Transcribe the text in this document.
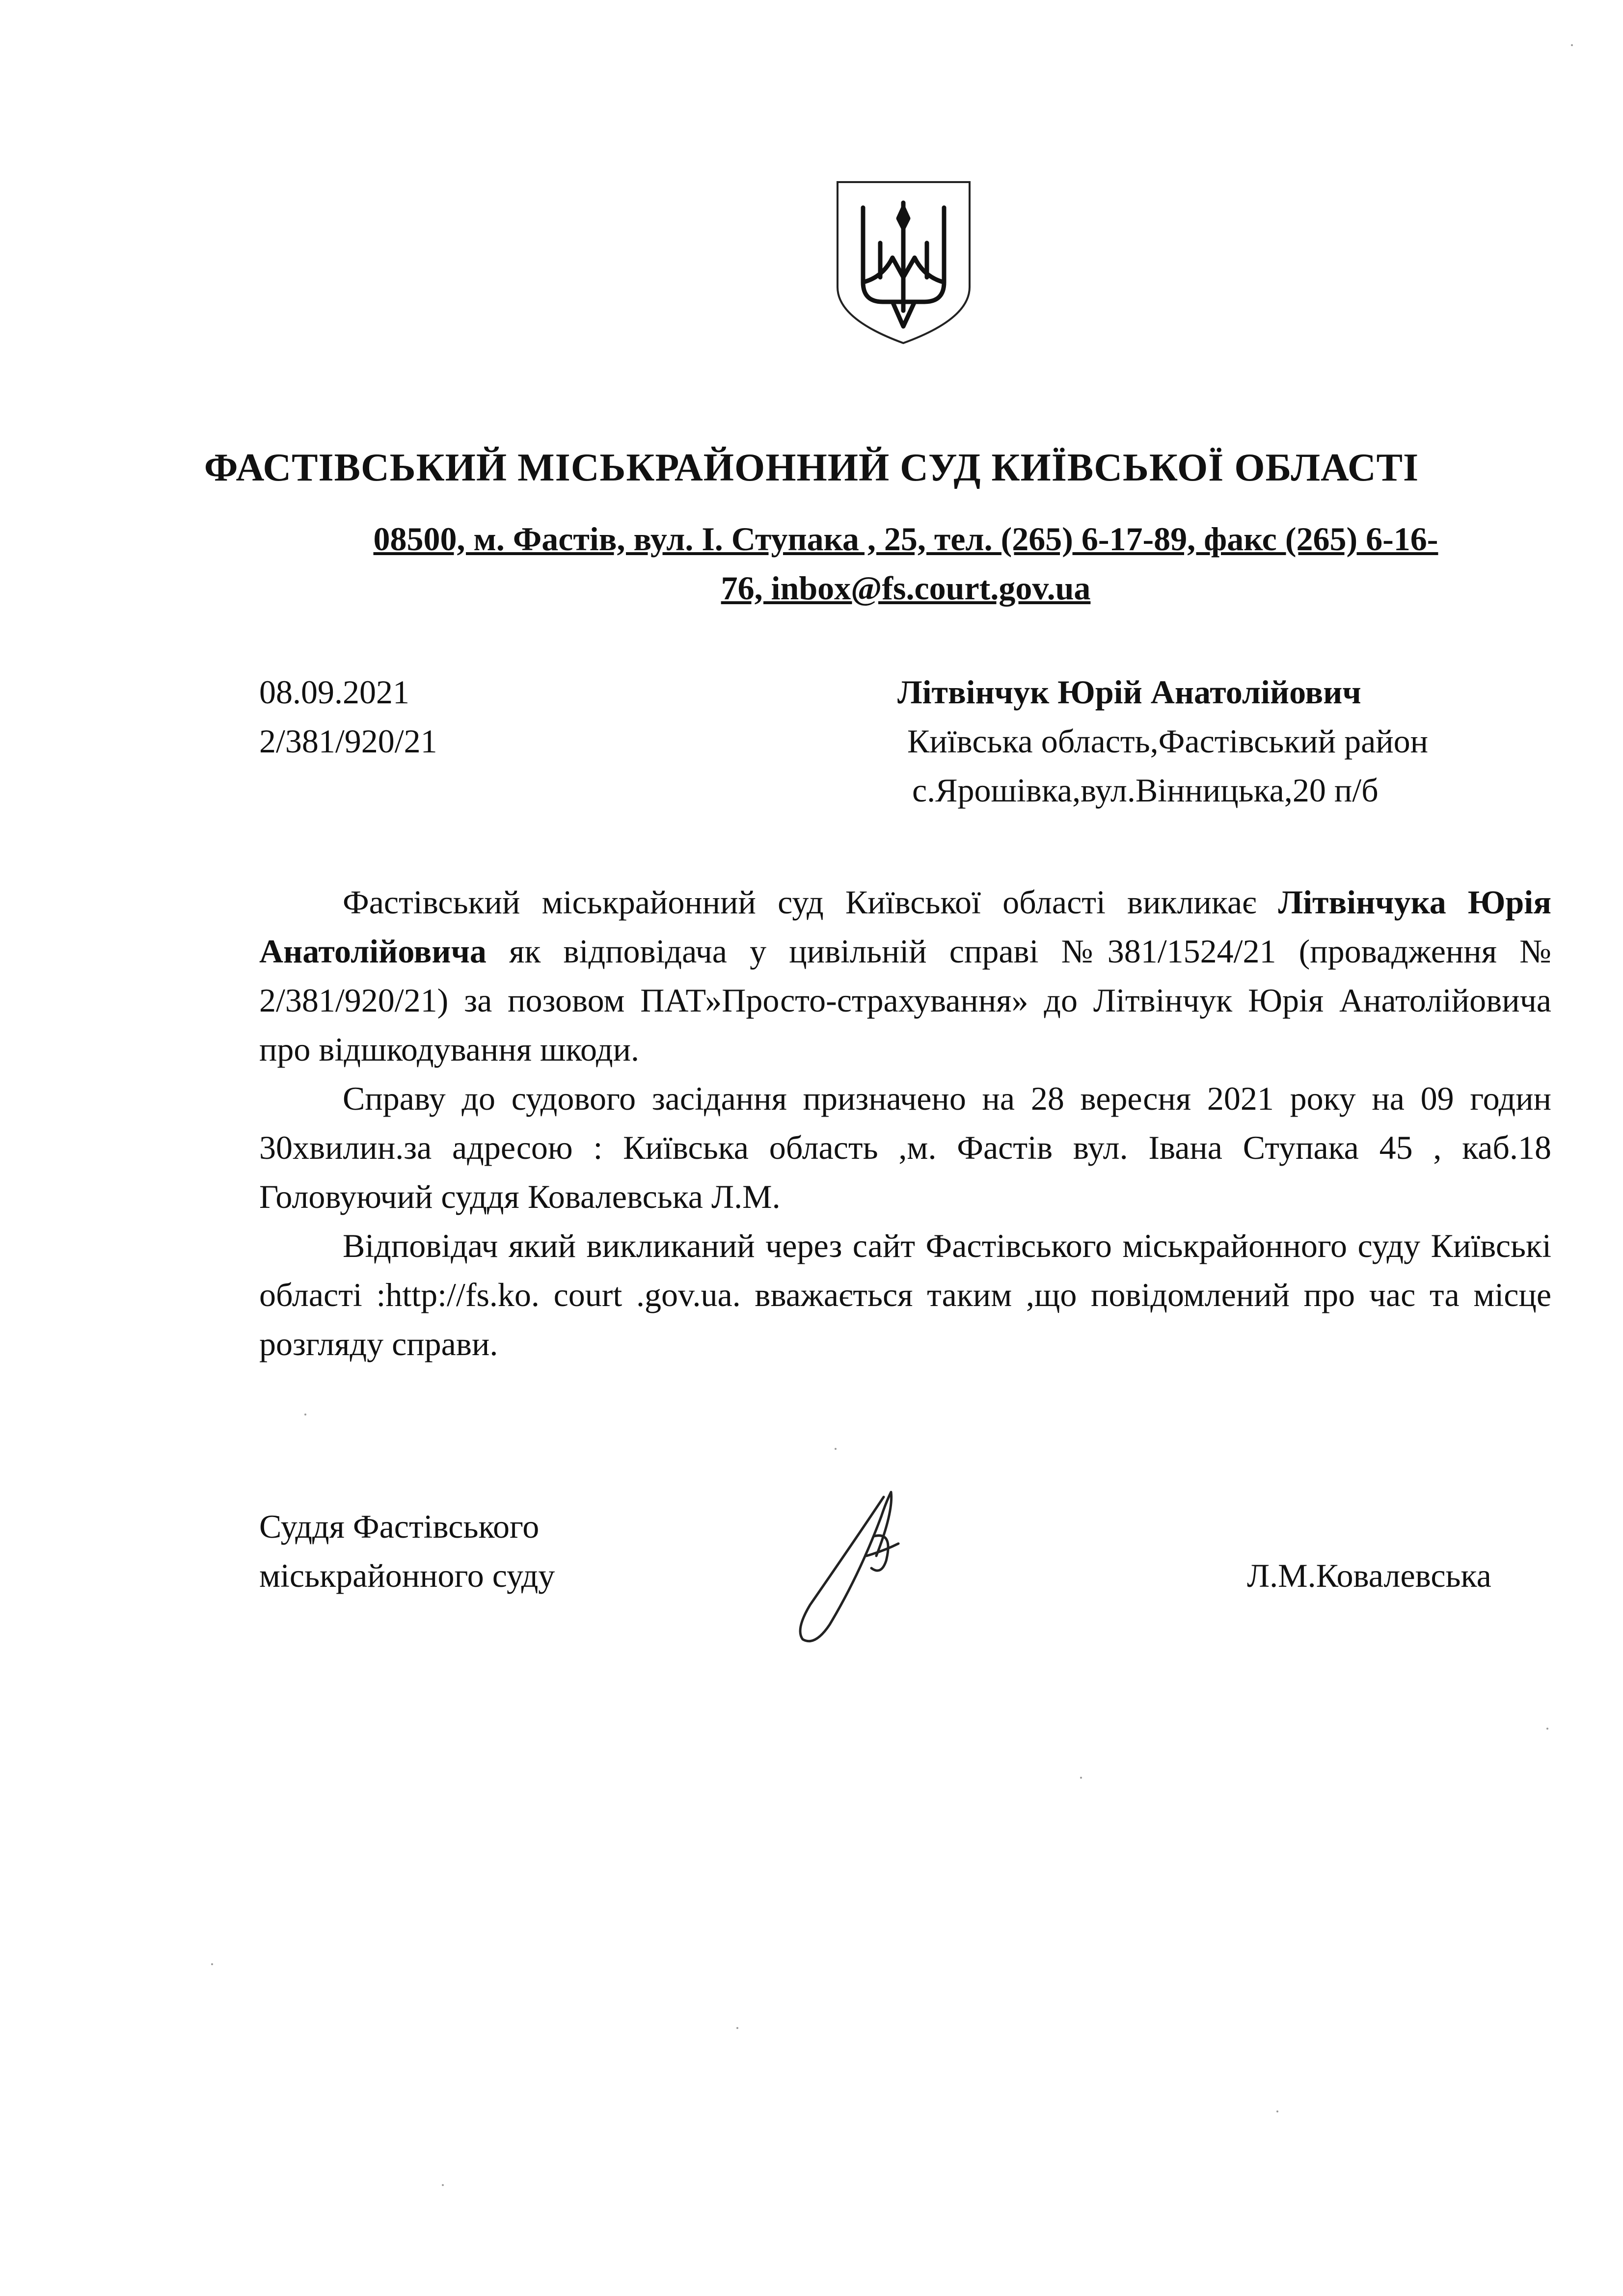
ФАСТІВСЬКИЙ МІСЬКРАЙОННИЙ СУД КИЇВСЬКОЇ ОБЛАСТІ
08500, м. Фастів, вул. І. Ступака , 25, тел. (265) 6-17-89, факс (265) 6-16-
76, inbox@fs.court.gov.ua
08.09.2021
2/381/920/21
Літвінчук Юрій Анатолійович
Київська область,Фастівський район
с.Ярошівка,вул.Вінницька,20 п/б

Фастівський міськрайонний суд Київської області викликає Літвінчука Юрія Анатолійовича як відповідача у цивільній справі №381/1524/21 (провадження № 2/381/920/21) за позовом ПАТ»Просто-страхування» до Літвінчук Юрія Анатолійовича про відшкодування шкоди.

Справу до судового засідання призначено на 28 вересня 2021 року на 09 годин 30хвилин.за адресою : Київська область ,м. Фастів вул. Івана Ступака 45 , каб.18 Головуючий суддя Ковалевська Л.М.

Відповідач який викликаний через сайт Фастівського міськрайонного суду Київські області :http://fs.ko. court .gov.ua. вважається таким ,що повідомлений про час та місце розгляду справи.

Суддя Фастівського
міськрайонного суду	Л.М.Ковалевська
